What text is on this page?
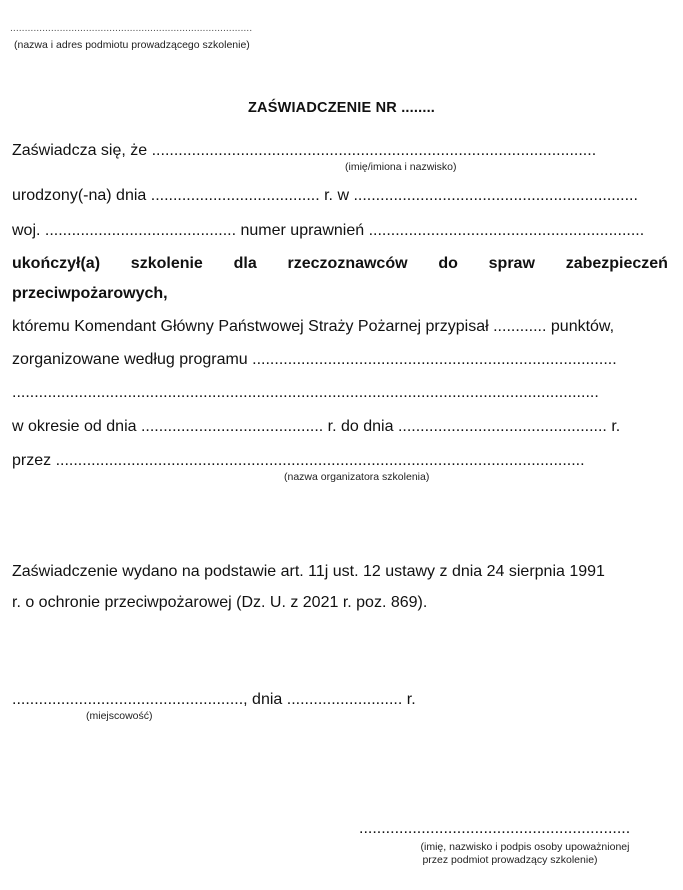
...................................................................................
(nazwa i adres podmiotu prowadzącego szkolenie)
ZAŚWIADCZENIE NR ........
Zaświadcza się, że ....................................................................................................
(imię/imiona i nazwisko)
urodzony(-na) dnia ...................................... r. w ................................................................
woj. ........................................... numer uprawnień ..............................................................
ukończył(a) szkolenie dla rzeczoznawców do spraw zabezpieczeń
przeciwpożarowych,
któremu Komendant Główny Państwowej Straży Pożarnej przypisał ............ punktów,
zorganizowane według programu ..................................................................................
....................................................................................................................................
w okresie od dnia ......................................... r. do dnia ............................................... r.
przez .......................................................................................................................
(nazwa organizatora szkolenia)
Zaświadczenie wydano na podstawie art. 11j ust. 12 ustawy z dnia 24 sierpnia 1991
r. o ochronie przeciwpożarowej (Dz. U. z 2021 r. poz. 869).
...................................................., dnia .......................... r.
(miejscowość)
.............................................................
(imię, nazwisko i podpis osoby upoważnionej
przez podmiot prowadzący szkolenie)
